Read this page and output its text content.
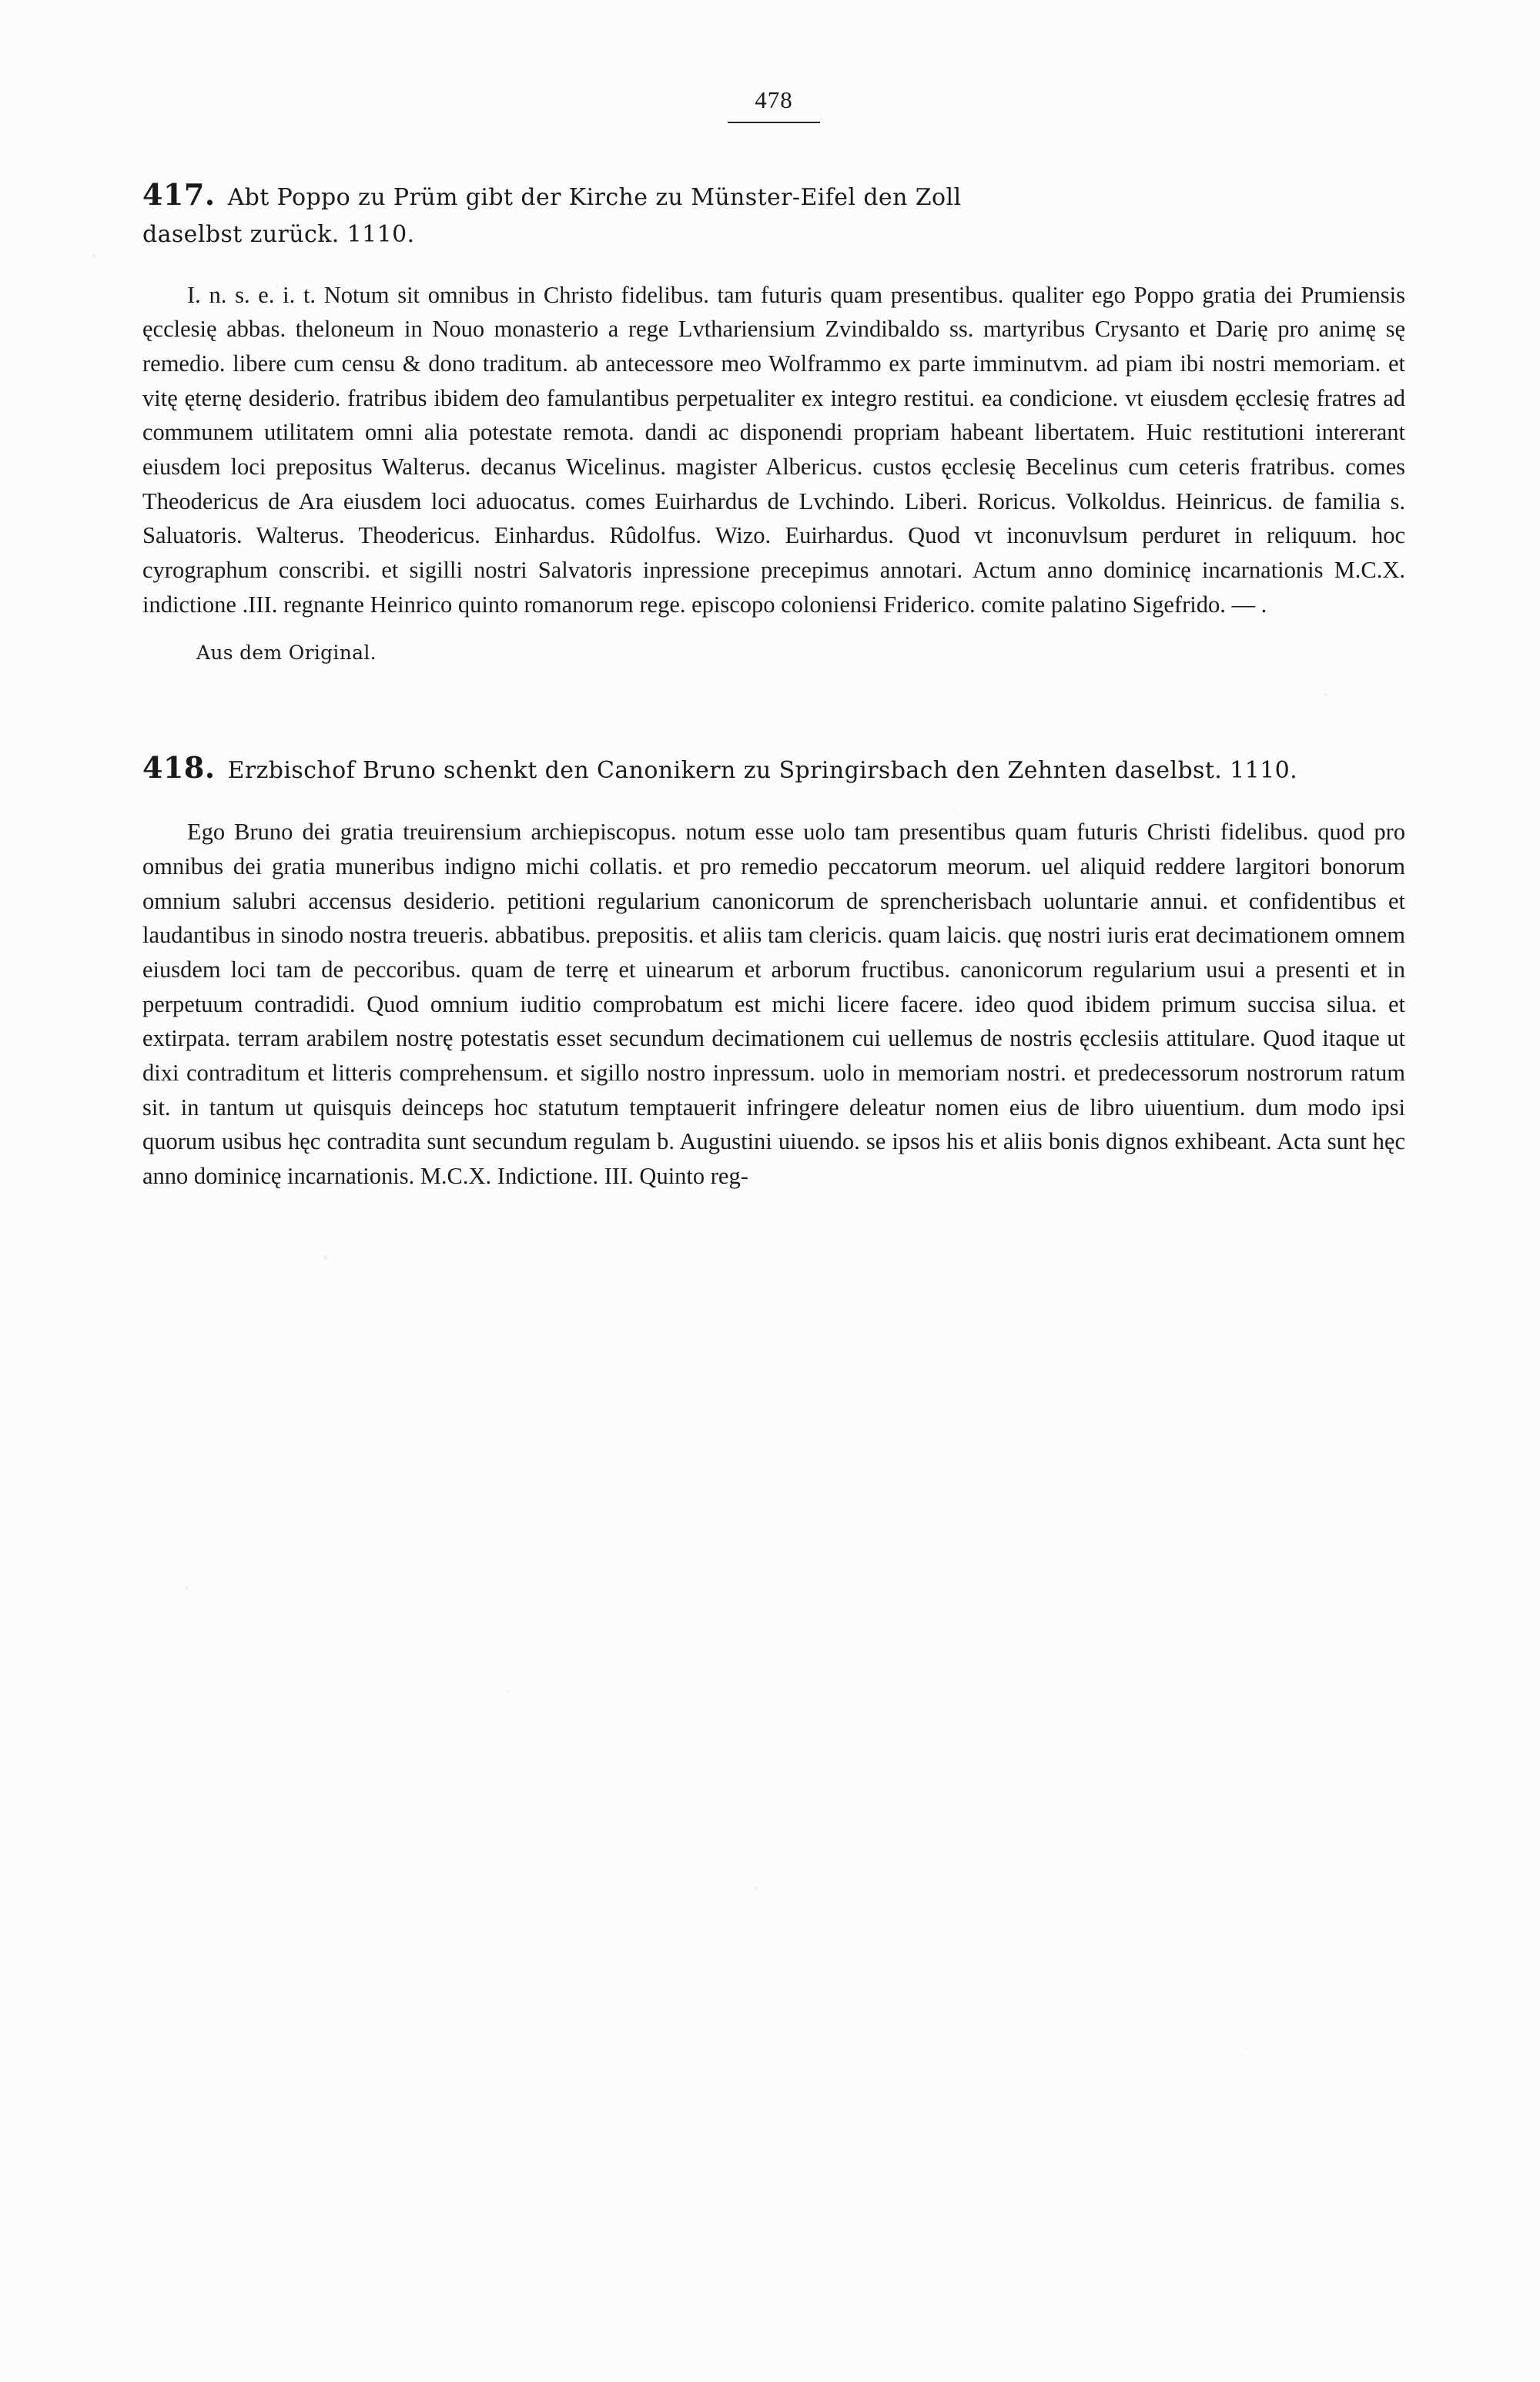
478
417. Abt Poppo zu Prüm gibt der Kirche zu Münster-Eifel den Zoll
daselbst zurück. 1110.
I. n. s. e. i. t. Notum sit omnibus in Christo fidelibus. tam futuris quam presentibus. qualiter ego Poppo gratia dei Prumiensis ęcclesię abbas. theloneum in Nouo monasterio a rege Lvthariensium Zvindibaldo ss. martyribus Crysanto et Darię pro animę sę remedio. libere cum censu & dono traditum. ab antecessore meo Wolframmo ex parte imminutvm. ad piam ibi nostri memoriam. et vitę ęternę desiderio. fratribus ibidem deo famulantibus perpetualiter ex integro restitui. ea condicione. vt eiusdem ęcclesię fratres ad communem utilitatem omni alia potestate remota. dandi ac disponendi propriam habeant libertatem. Huic restitutioni intererant eiusdem loci prepositus Walterus. decanus Wicelinus. magister Albericus. custos ęcclesię Becelinus cum ceteris fratribus. comes Theodericus de Ara eiusdem loci aduocatus. comes Euirhardus de Lvchindo. Liberi. Roricus. Volkoldus. Heinricus. de familia s. Saluatoris. Walterus. Theodericus. Einhardus. Rûdolfus. Wizo. Euirhardus. Quod vt inconuvlsum perduret in reliquum. hoc cyrographum conscribi. et sigilli nostri Salvatoris inpressione precepimus annotari. Actum anno dominicę incarnationis M.C.X. indictione .III. regnante Heinrico quinto romanorum rege. episcopo coloniensi Friderico. comite palatino Sigefrido. — .
Aus dem Original.
418. Erzbischof Bruno schenkt den Canonikern zu Springirsbach den Zehnten daselbst. 1110.
Ego Bruno dei gratia treuirensium archiepiscopus. notum esse uolo tam presentibus quam futuris Christi fidelibus. quod pro omnibus dei gratia muneribus indigno michi collatis. et pro remedio peccatorum meorum. uel aliquid reddere largitori bonorum omnium salubri accensus desiderio. petitioni regularium canonicorum de sprencherisbach uoluntarie annui. et confidentibus et laudantibus in sinodo nostra treueris. abbatibus. prepositis. et aliis tam clericis. quam laicis. quę nostri iuris erat decimationem omnem eiusdem loci tam de peccoribus. quam de terrę et uinearum et arborum fructibus. canonicorum regularium usui a presenti et in perpetuum contradidi. Quod omnium iuditio comprobatum est michi licere facere. ideo quod ibidem primum succisa silua. et extirpata. terram arabilem nostrę potestatis esset secundum decimationem cui uellemus de nostris ęcclesiis attitulare. Quod itaque ut dixi contraditum et litteris comprehensum. et sigillo nostro inpressum. uolo in memoriam nostri. et predecessorum nostrorum ratum sit. in tantum ut quisquis deinceps hoc statutum temptauerit infringere deleatur nomen eius de libro uiuentium. dum modo ipsi quorum usibus hęc contradita sunt secundum regulam b. Augustini uiuendo. se ipsos his et aliis bonis dignos exhibeant. Acta sunt hęc anno dominicę incarnationis. M.C.X. Indictione. III. Quinto reg-
